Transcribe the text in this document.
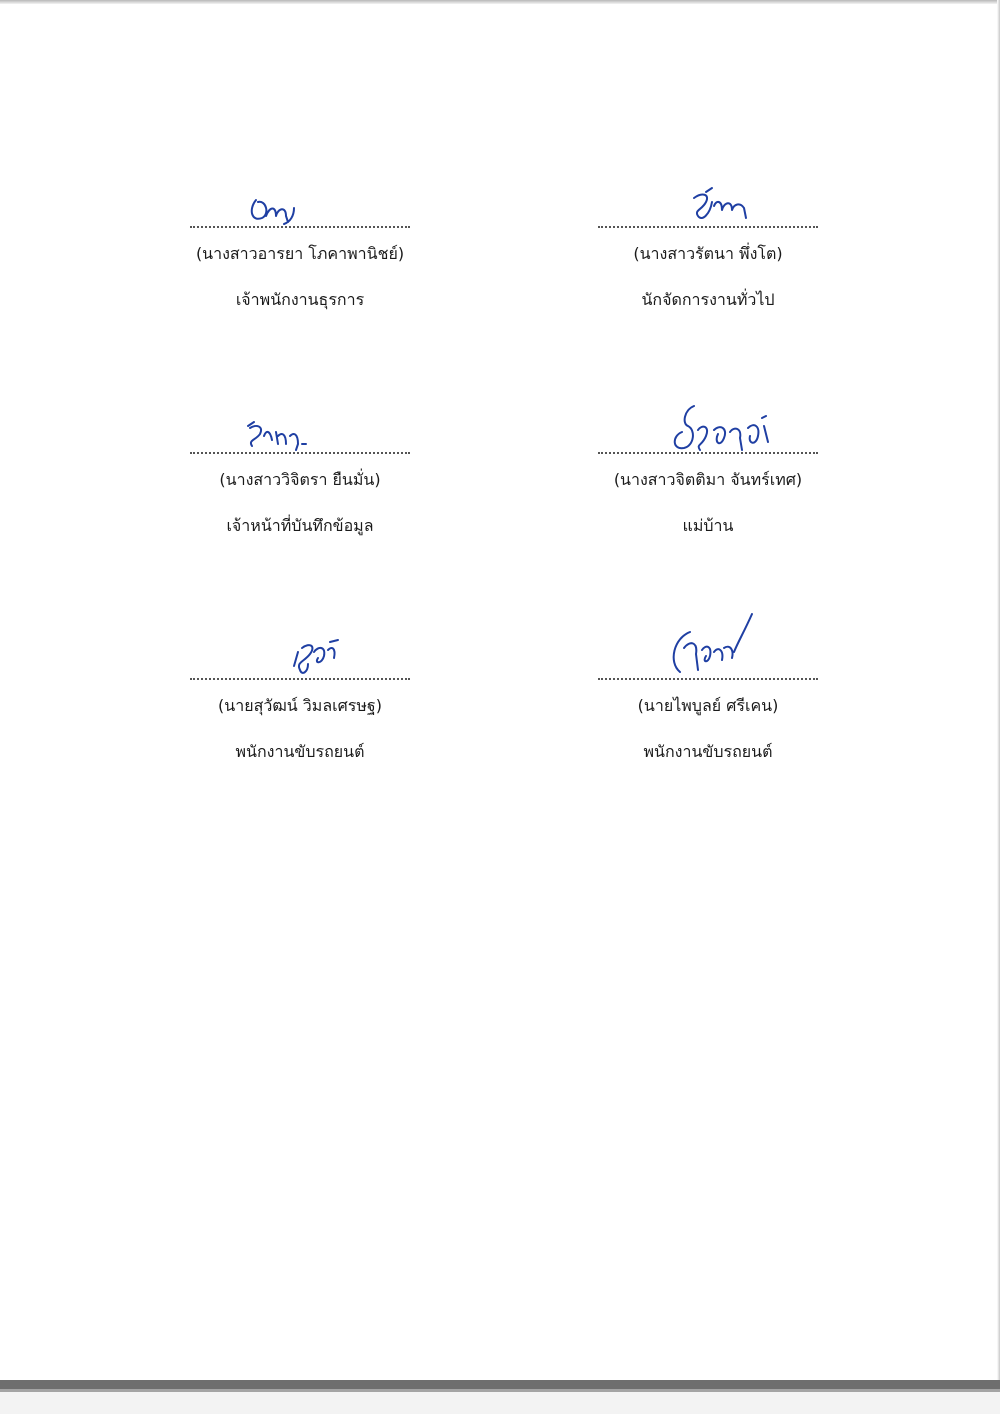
(นางสาวอารยา โภคาพานิชย์)
เจ้าพนักงานธุรการ
(นางสาวรัตนา พึ่งโต)
นักจัดการงานทั่วไป
(นางสาววิจิตรา ยืนมั่น)
เจ้าหน้าที่บันทึกข้อมูล
(นางสาวจิตติมา จันทร์เทศ)
แม่บ้าน
(นายสุวัฒน์ วิมลเศรษฐ)
พนักงานขับรถยนต์
(นายไพบูลย์ ศรีเคน)
พนักงานขับรถยนต์
